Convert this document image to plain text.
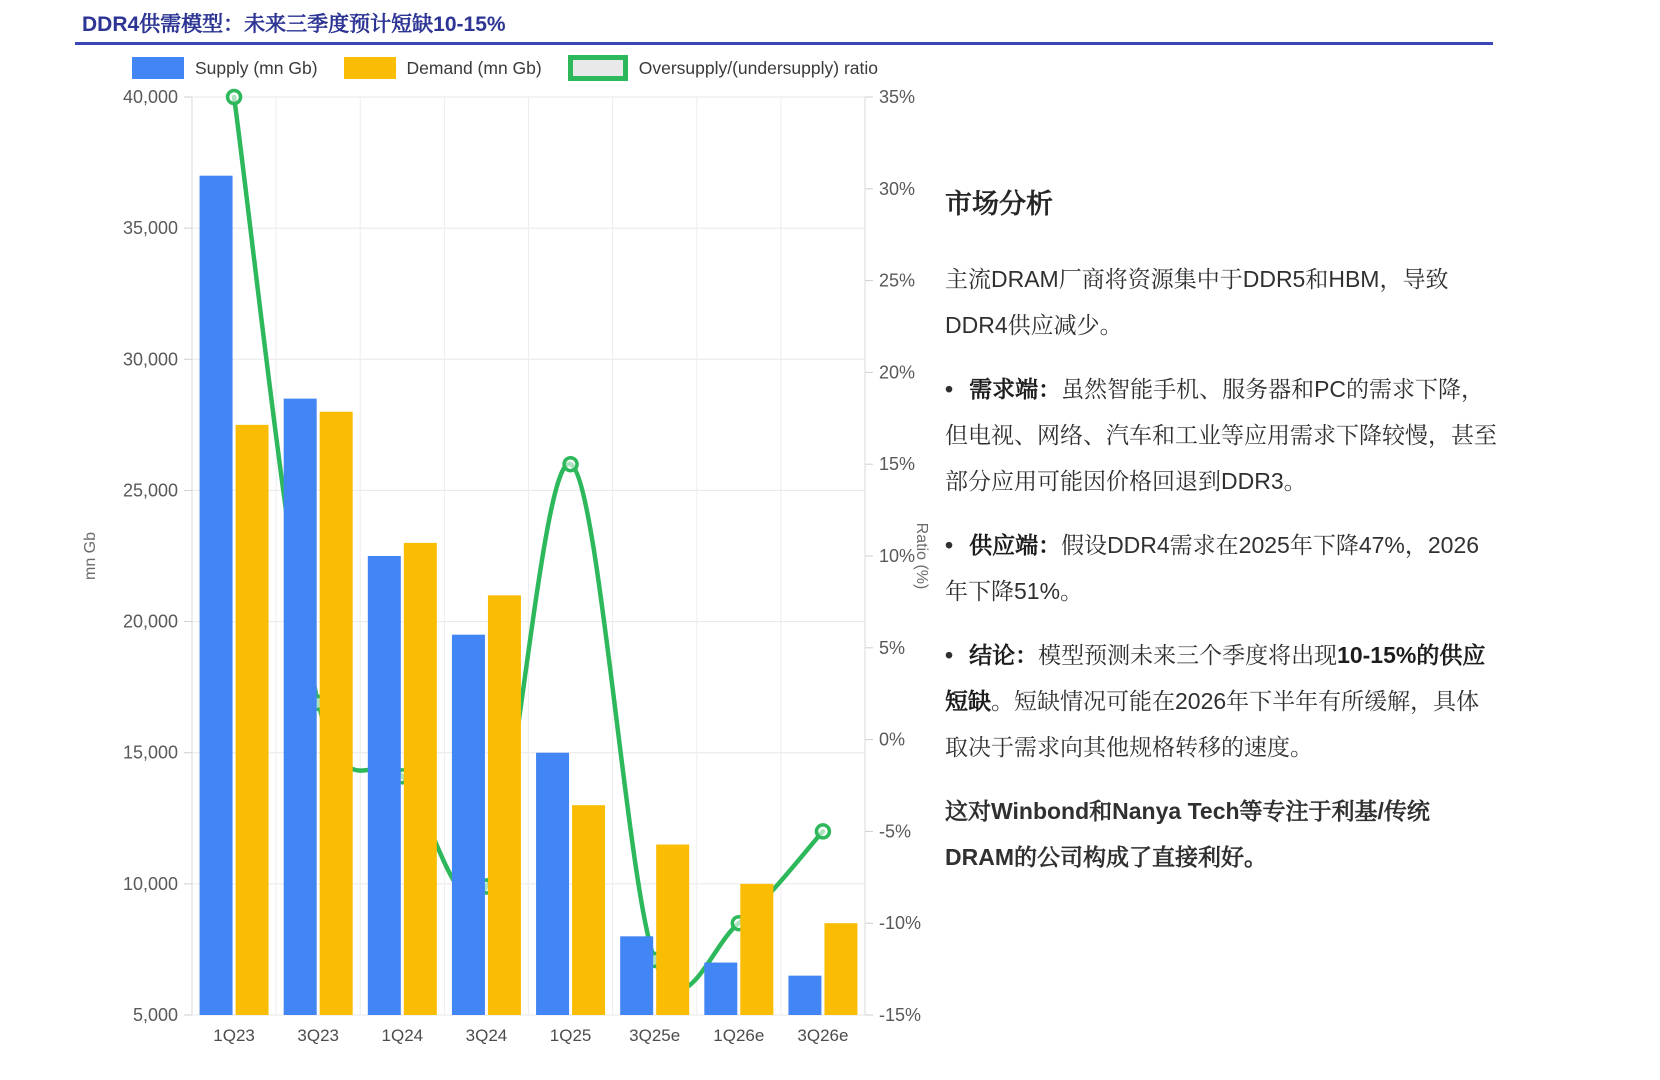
DDR4供需模型：未来三季度预计短缺10-15%
Supply (mn Gb)	Demand (mn Gb)	Oversupply/(undersupply) ratio
40,000
35,000
30,000
25,000
20,000
15,000
10,000
5,000
35%
30%
25%
20%
15%
10%
5%
0%
-5%
-10%
-15%
1Q23	3Q23	1Q24	3Q24	1Q25 3Q25e 1Q26e 3Q26e
mn Gb	Ratio (%)
市场分析

主流DRAM厂商将资源集中于DDR5和HBM，导致DDR4供应减少。

• 需求端：虽然智能手机、服务器和PC的需求下降，但电视、网络、汽车和工业等应用需求下降较慢，甚至部分应用可能因价格回退到DDR3。

• 供应端：假设DDR4需求在2025年下降47%，2026年下降51%。

• 结论：模型预测未来三个季度将出现10-15%的供应短缺。短缺情况可能在2026年下半年有所缓解，具体取决于需求向其他规格转移的速度。

这对Winbond和Nanya Tech等专注于利基/传统DRAM的公司构成了直接利好。
